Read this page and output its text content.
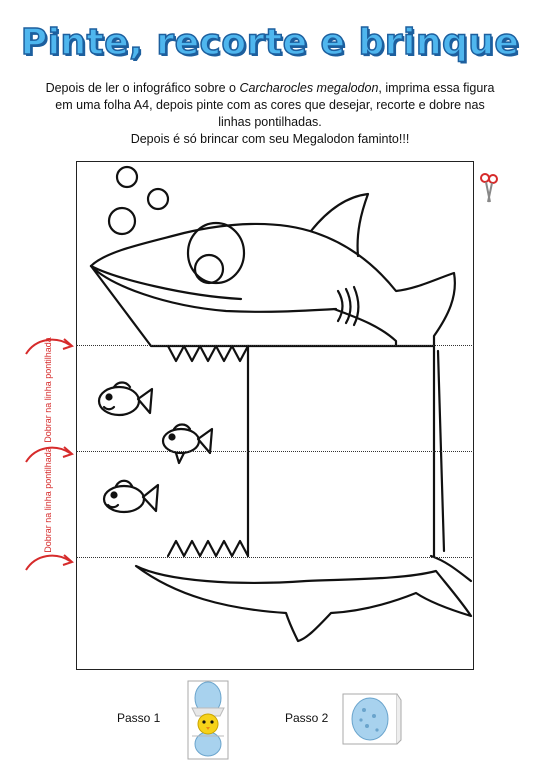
Pinte, recorte e brinque
Depois de ler o infográfico sobre o Carcharocles megalodon, imprima essa figura em uma folha A4, depois pinte com as cores que desejar, recorte e dobre nas linhas pontilhadas.
Depois é só brincar com seu Megalodon faminto!!!
Dobrar na linha pontilhada
Dobrar na linha pontilhada
Passo 1	Passo 2
